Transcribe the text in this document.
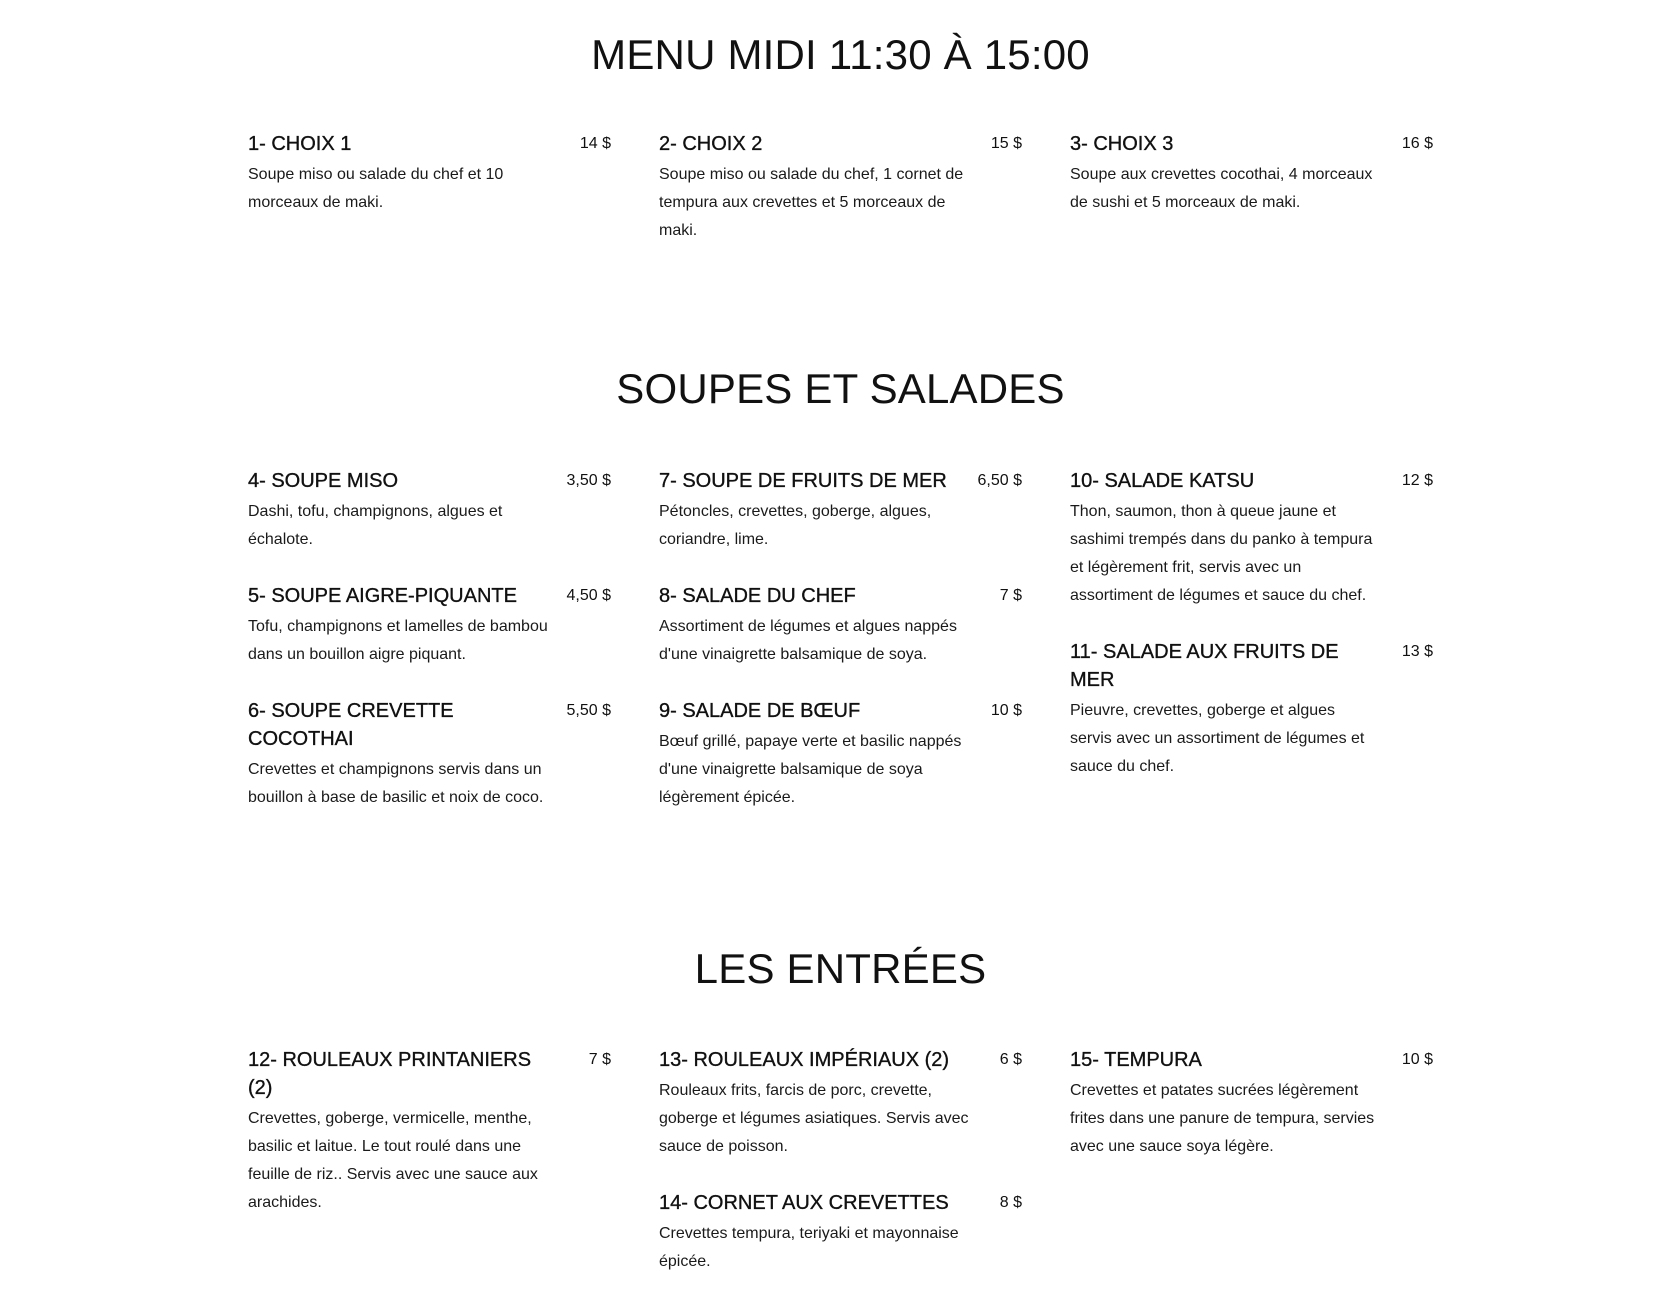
MENU MIDI 11:30 À 15:00
1- CHOIX 1	14 $

Soupe miso ou salade du chef et 10 morceaux de maki.

2- CHOIX 2	15 $

Soupe miso ou salade du chef, 1 cornet de tempura aux crevettes et 5 morceaux de maki.

3- CHOIX 3	16 $

Soupe aux crevettes cocothai, 4 morceaux de sushi et 5 morceaux de maki.

SOUPES ET SALADES
4- SOUPE MISO	3,50 $

Dashi, tofu, champignons, algues et échalote.

5- SOUPE AIGRE-PIQUANTE	4,50 $

Tofu, champignons et lamelles de bambou dans un bouillon aigre piquant.

6- SOUPE CREVETTE COCOTHAI
5,50 $

Crevettes et champignons servis dans un bouillon à base de basilic et noix de coco.

7- SOUPE DE FRUITS DE MER	6,50 $

Pétoncles, crevettes, goberge, algues, coriandre, lime.

8- SALADE DU CHEF	7 $

Assortiment de légumes et algues nappés d'une vinaigrette balsamique de soya.

9- SALADE DE BŒUF	10 $

Bœuf grillé, papaye verte et basilic nappés d'une vinaigrette balsamique de soya légèrement épicée.

10- SALADE KATSU	12 $

Thon, saumon, thon à queue jaune et sashimi trempés dans du panko à tempura et légèrement frit, servis avec un assortiment de légumes et sauce du chef.

11- SALADE AUX FRUITS DE MER
13 $

Pieuvre, crevettes, goberge et algues servis avec un assortiment de légumes et sauce du chef.

LES ENTRÉES
12- ROULEAUX PRINTANIERS (2)
7 $

Crevettes, goberge, vermicelle, menthe, basilic et laitue. Le tout roulé dans une feuille de riz.. Servis avec une sauce aux arachides.

13- ROULEAUX IMPÉRIAUX (2)	6 $

Rouleaux frits, farcis de porc, crevette, goberge et légumes asiatiques. Servis avec sauce de poisson.

14- CORNET AUX CREVETTES	8 $

Crevettes tempura, teriyaki et mayonnaise épicée.

15- TEMPURA	10 $

Crevettes et patates sucrées légèrement frites dans une panure de tempura, servies avec une sauce soya légère.
